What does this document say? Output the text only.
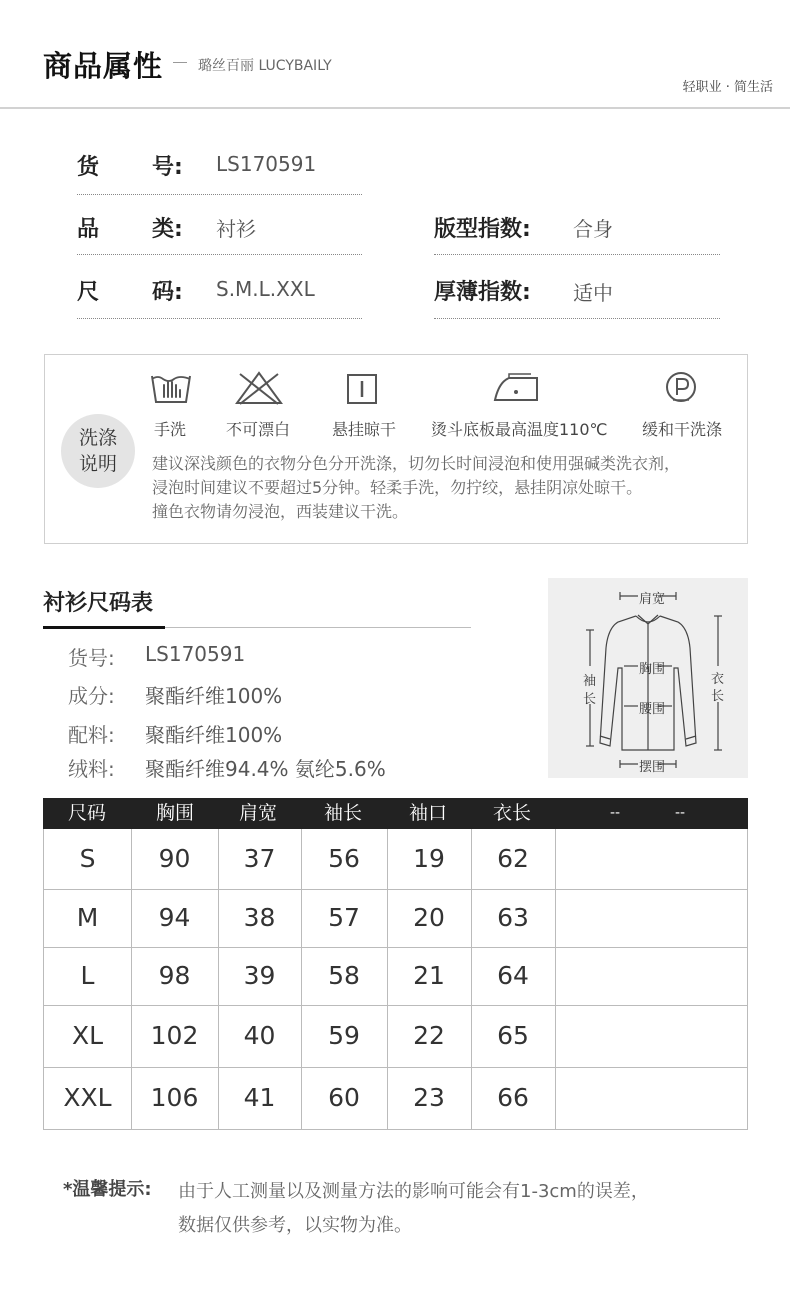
商品属性 璐丝百丽 LUCYBAILY
轻职业 · 简生活
货 号: LS170591
品 类: 衬衫	版型指数: 合身
尺 码: S.M.L.XXL	厚薄指数: 适中
洗涤
说明
手洗 不可漂白	悬挂晾干 烫斗底板最高温度110℃ 缓和干洗涤
建议深浅颜色的衣物分色分开洗涤，切勿长时间浸泡和使用强碱类洗衣剂，
浸泡时间建议不要超过5分钟。轻柔手洗，勿拧绞，悬挂阴凉处晾干。
撞色衣物请勿浸泡，西装建议干洗。
衬衫尺码表
货号: LS170591
成分: 聚酯纤维100%
配料: 聚酯纤维100%
绒料: 聚酯纤维94.4% 氨纶5.6%
肩宽
胸围
腰围
摆围
袖
长
衣
长
尺码	胸围	肩宽	袖长	袖口	衣长	--	--
S	90	37	56	19	62
M	94	38	57	20	63
L	98	39	58	21	64
XL	102	40	59	22	65
XXL	106	41	60	23	66
*温馨提示: 由于人工测量以及测量方法的影响可能会有1-3cm的误差，
数据仅供参考，以实物为准。
